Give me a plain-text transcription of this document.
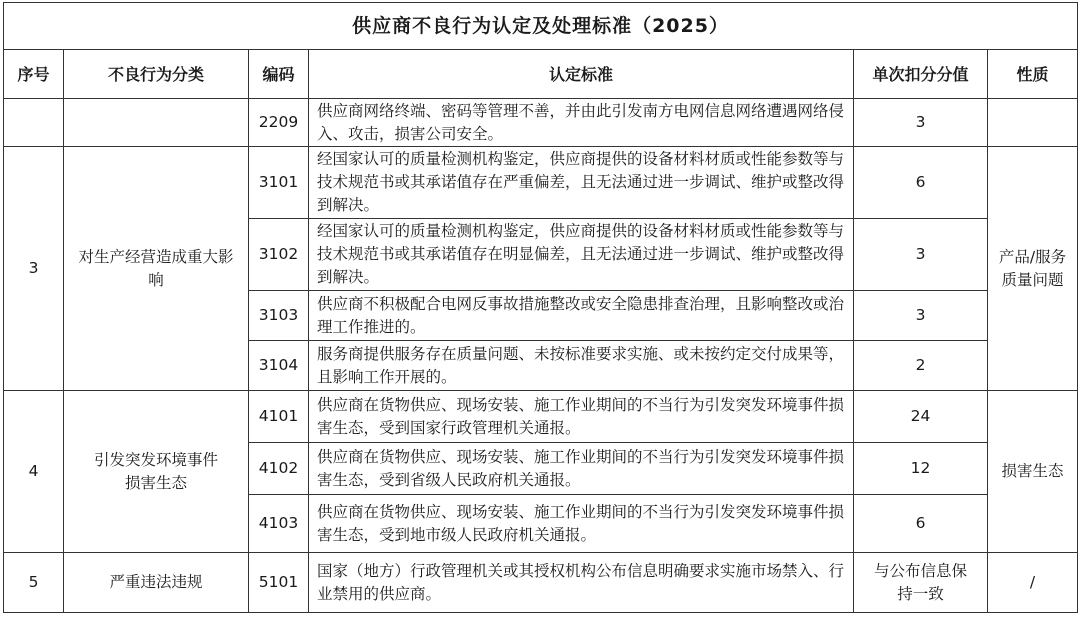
供应商不良行为认定及处理标准（2025）					
序号	不良行为分类	编码	认定标准	单次扣分分值	性质
		2209	供应商网络终端、密码等管理不善，并由此引发南方电网信息网络遭遇网络侵入、攻击，损害公司安全。	3	
3	对生产经营造成重大影响	3101	经国家认可的质量检测机构鉴定，供应商提供的设备材料材质或性能参数等与技术规范书或其承诺值存在严重偏差，且无法通过进一步调试、维护或整改得到解决。	6	产品/服务质量问题
		3102	经国家认可的质量检测机构鉴定，供应商提供的设备材料材质或性能参数等与技术规范书或其承诺值存在明显偏差，且无法通过进一步调试、维护或整改得到解决。	3	
		3103	供应商不积极配合电网反事故措施整改或安全隐患排查治理，且影响整改或治理工作推进的。	3	
		3104	服务商提供服务存在质量问题、未按标准要求实施、或未按约定交付成果等，且影响工作开展的。	2	
4	引发突发环境事件损害生态	4101	供应商在货物供应、现场安装、施工作业期间的不当行为引发突发环境事件损害生态，受到国家行政管理机关通报。	24	损害生态
		4102	供应商在货物供应、现场安装、施工作业期间的不当行为引发突发环境事件损害生态，受到省级人民政府机关通报。	12	
		4103	供应商在货物供应、现场安装、施工作业期间的不当行为引发突发环境事件损害生态，受到地市级人民政府机关通报。	6	
5	严重违法违规	5101	国家（地方）行政管理机关或其授权机构公布信息明确要求实施市场禁入、行业禁用的供应商。	与公布信息保持一致	/
